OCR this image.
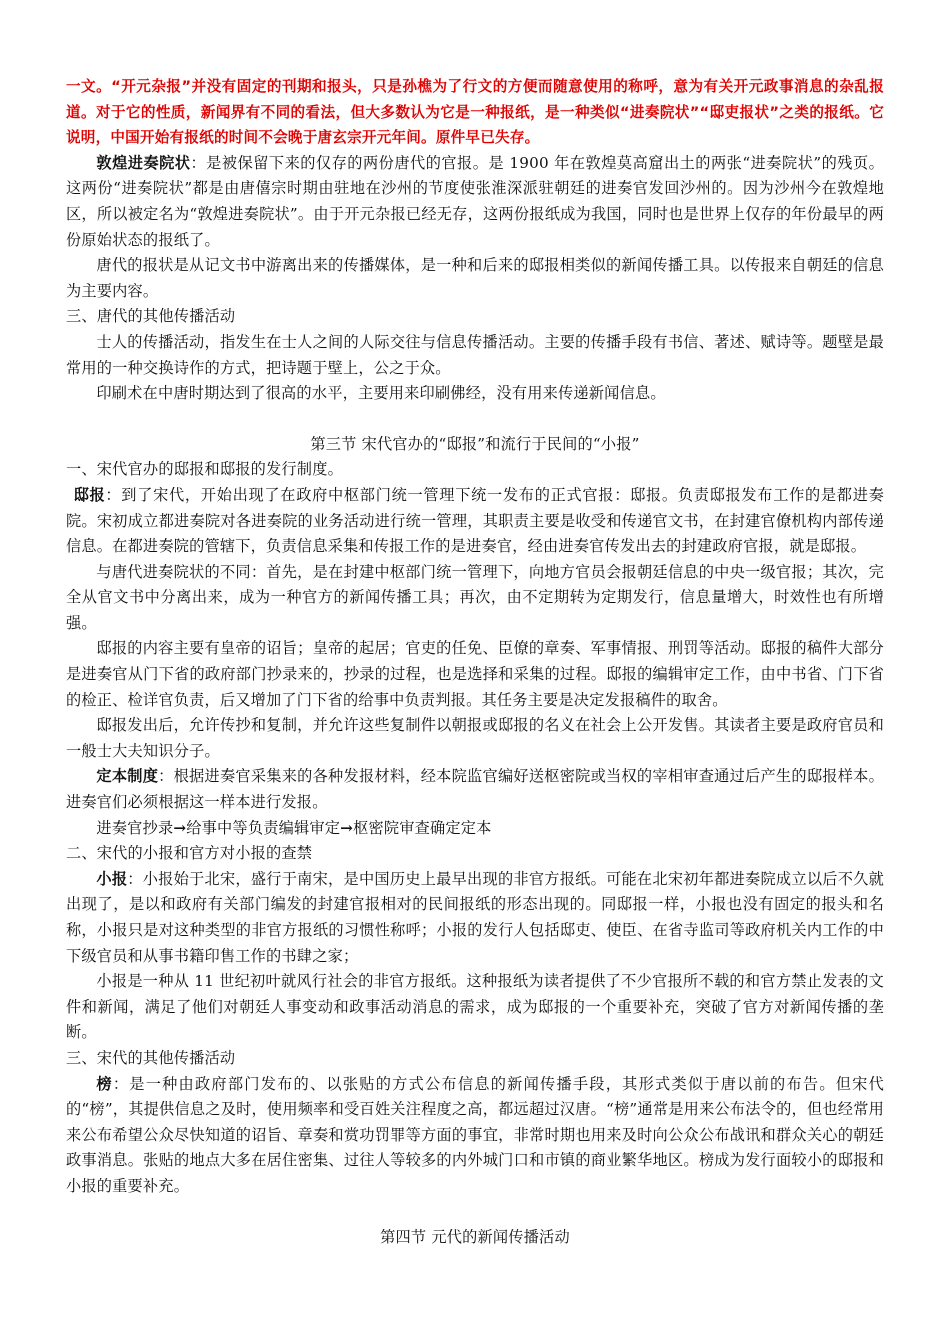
一文。“开元杂报”并没有固定的刊期和报头，只是孙樵为了行文的方便而随意使用的称呼，意为有关开元政事消息的杂乱报道。对于它的性质，新闻界有不同的看法，但大多数认为它是一种报纸，是一种类似“进奏院状”“邸吏报状”之类的报纸。它说明，中国开始有报纸的时间不会晚于唐玄宗开元年间。原件早已失存。

敦煌进奏院状：是被保留下来的仅存的两份唐代的官报。是 1900 年在敦煌莫高窟出土的两张“进奏院状”的残页。这两份“进奏院状”都是由唐僖宗时期由驻地在沙州的节度使张淮深派驻朝廷的进奏官发回沙州的。因为沙州今在敦煌地区，所以被定名为“敦煌进奏院状”。由于开元杂报已经无存，这两份报纸成为我国，同时也是世界上仅存的年份最早的两份原始状态的报纸了。

唐代的报状是从记文书中游离出来的传播媒体，是一种和后来的邸报相类似的新闻传播工具。以传报来自朝廷的信息为主要内容。

三、唐代的其他传播活动

士人的传播活动，指发生在士人之间的人际交往与信息传播活动。主要的传播手段有书信、著述、赋诗等。题壁是最常用的一种交换诗作的方式，把诗题于壁上，公之于众。

印刷术在中唐时期达到了很高的水平，主要用来印刷佛经，没有用来传递新闻信息。

第三节 宋代官办的“邸报”和流行于民间的“小报”

一、宋代官办的邸报和邸报的发行制度。

邸报：到了宋代，开始出现了在政府中枢部门统一管理下统一发布的正式官报：邸报。负责邸报发布工作的是都进奏院。宋初成立都进奏院对各进奏院的业务活动进行统一管理，其职责主要是收受和传递官文书，在封建官僚机构内部传递信息。在都进奏院的管辖下，负责信息采集和传报工作的是进奏官，经由进奏官传发出去的封建政府官报，就是邸报。

与唐代进奏院状的不同：首先，是在封建中枢部门统一管理下，向地方官员会报朝廷信息的中央一级官报；其次，完全从官文书中分离出来，成为一种官方的新闻传播工具；再次，由不定期转为定期发行，信息量增大，时效性也有所增强。

邸报的内容主要有皇帝的诏旨；皇帝的起居；官吏的任免、臣僚的章奏、军事情报、刑罚等活动。邸报的稿件大部分是进奏官从门下省的政府部门抄录来的，抄录的过程，也是选择和采集的过程。邸报的编辑审定工作，由中书省、门下省的检正、检详官负责，后又增加了门下省的给事中负责判报。其任务主要是决定发报稿件的取舍。

邸报发出后，允许传抄和复制，并允许这些复制件以朝报或邸报的名义在社会上公开发售。其读者主要是政府官员和一般士大夫知识分子。

定本制度：根据进奏官采集来的各种发报材料，经本院监官编好送枢密院或当权的宰相审查通过后产生的邸报样本。进奏官们必须根据这一样本进行发报。

进奏官抄录→给事中等负责编辑审定→枢密院审查确定定本

二、宋代的小报和官方对小报的查禁

小报：小报始于北宋，盛行于南宋，是中国历史上最早出现的非官方报纸。可能在北宋初年都进奏院成立以后不久就出现了，是以和政府有关部门编发的封建官报相对的民间报纸的形态出现的。同邸报一样，小报也没有固定的报头和名称，小报只是对这种类型的非官方报纸的习惯性称呼；小报的发行人包括邸吏、使臣、在省寺监司等政府机关内工作的中下级官员和从事书籍印售工作的书肆之家；

小报是一种从 11 世纪初叶就风行社会的非官方报纸。这种报纸为读者提供了不少官报所不载的和官方禁止发表的文件和新闻，满足了他们对朝廷人事变动和政事活动消息的需求，成为邸报的一个重要补充，突破了官方对新闻传播的垄断。

三、宋代的其他传播活动

榜：是一种由政府部门发布的、以张贴的方式公布信息的新闻传播手段，其形式类似于唐以前的布告。但宋代的“榜”，其提供信息之及时，使用频率和受百姓关注程度之高，都远超过汉唐。“榜”通常是用来公布法令的，但也经常用来公布希望公众尽快知道的诏旨、章奏和赏功罚罪等方面的事宜，非常时期也用来及时向公众公布战讯和群众关心的朝廷政事消息。张贴的地点大多在居住密集、过往人等较多的内外城门口和市镇的商业繁华地区。榜成为发行面较小的邸报和小报的重要补充。

第四节 元代的新闻传播活动
